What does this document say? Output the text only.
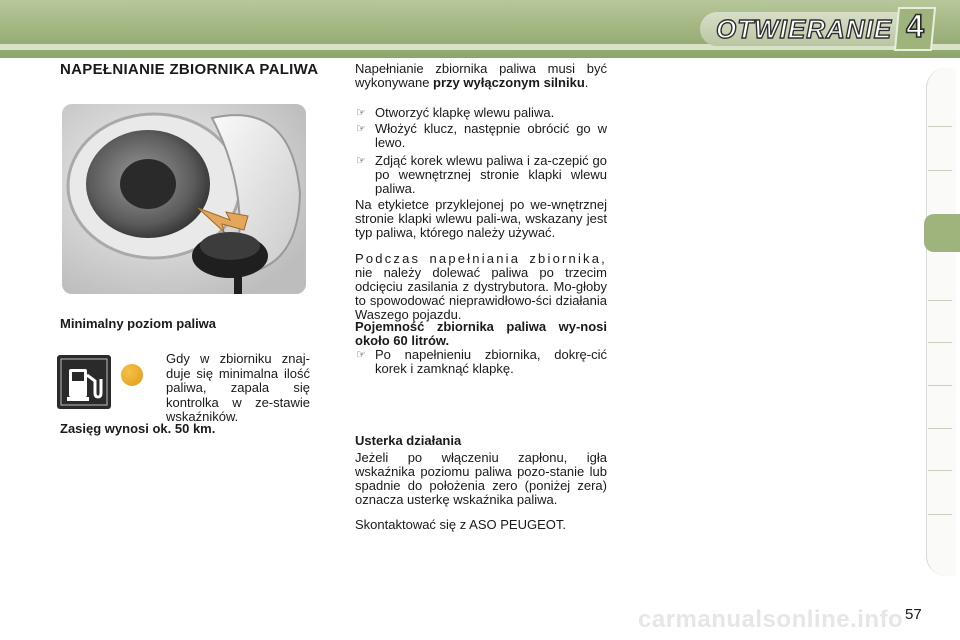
OTWIERANIE 4
NAPEŁNIANIE ZBIORNIKA PALIWA
Minimalny poziom paliwa
Gdy w zbiorniku znaj-duje się minimalna ilość paliwa, zapala się kontrolka w ze-stawie wskaźników.
Zasięg wynosi ok. 50 km.
Napełnianie zbiornika paliwa musi być wykonywane przy wyłączonym silniku.
☞ Otworzyć klapkę wlewu paliwa.
☞ Włożyć klucz, następnie obrócić go w lewo.
☞ Zdjąć korek wlewu paliwa i za-czepić go po wewnętrznej stronie klapki wlewu paliwa.
Na etykietce przyklejonej po we-wnętrznej stronie klapki wlewu pali-wa, wskazany jest typ paliwa, którego należy używać.
Podczas napełniania zbiornika, nie należy dolewać paliwa po trzecim odcięciu zasilania z dystrybutora. Mo-głoby to spowodować nieprawidłowo-ści działania Waszego pojazdu.
Pojemność zbiornika paliwa wy-nosi około 60 litrów.
☞ Po napełnieniu zbiornika, dokrę-cić korek i zamknąć klapkę.
Usterka działania
Jeżeli po włączeniu zapłonu, igła wskaźnika poziomu paliwa pozo-stanie lub spadnie do położenia zero (poniżej zera) oznacza usterkę wskaźnika paliwa.
Skontaktować się z ASO PEUGEOT.
carmanualsonline.info 57
